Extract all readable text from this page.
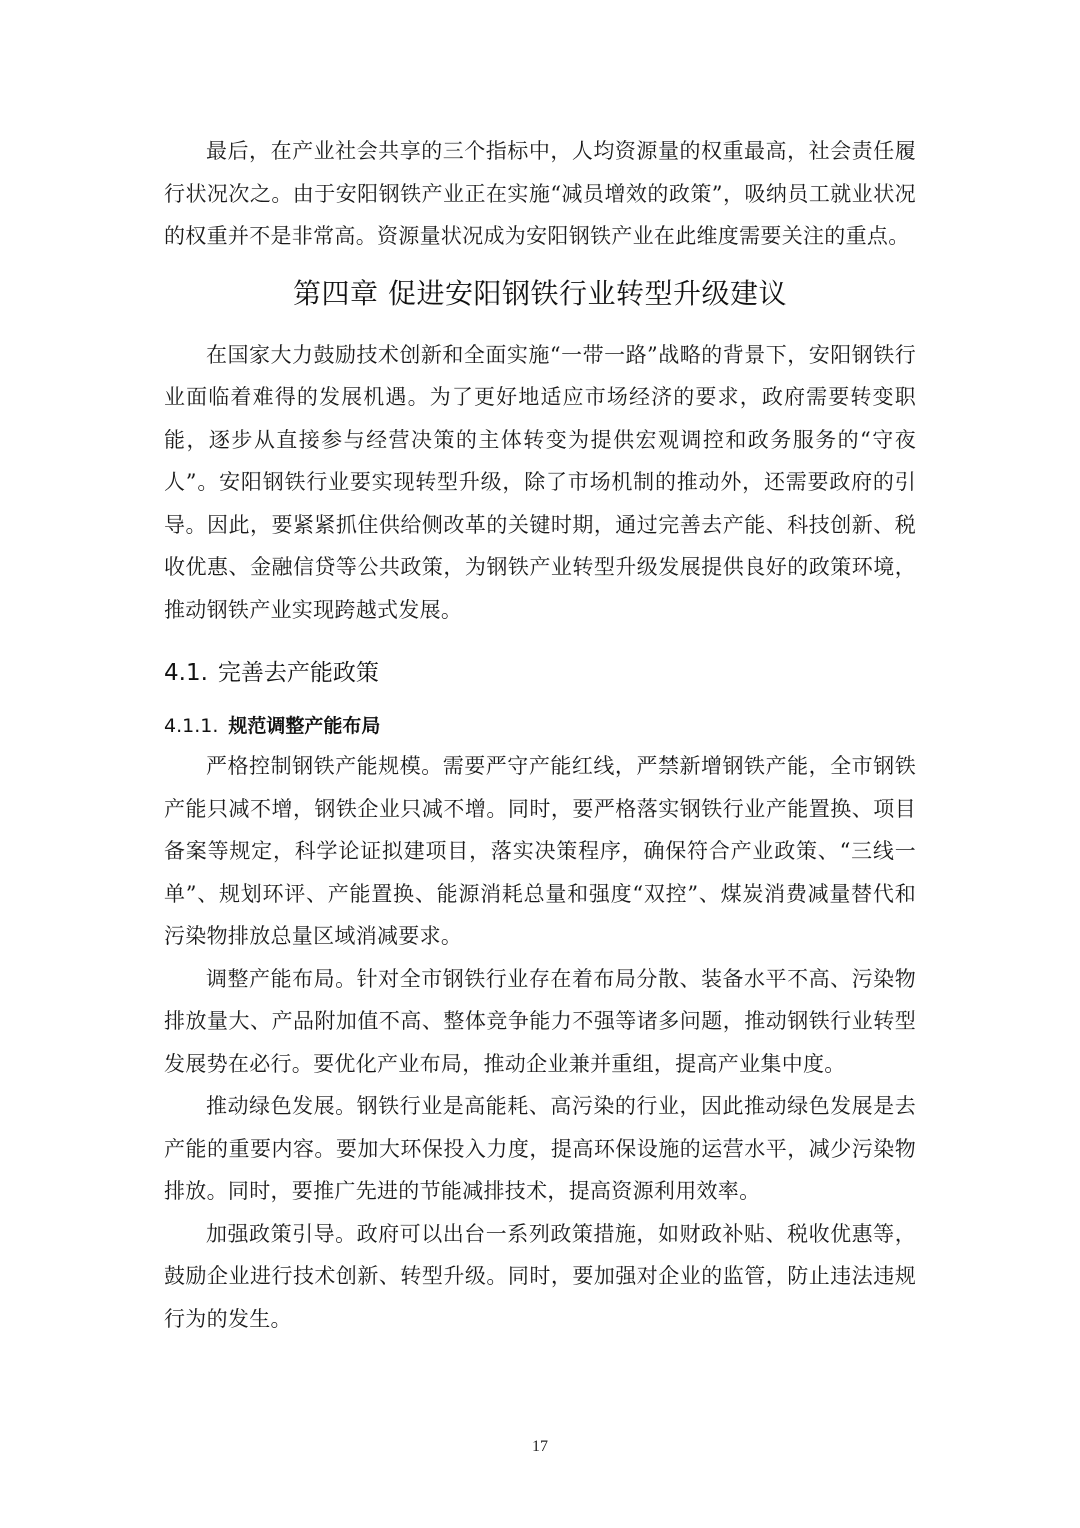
最后，在产业社会共享的三个指标中，人均资源量的权重最高，社会责任履行状况次之。由于安阳钢铁产业正在实施“减员增效的政策”，吸纳员工就业状况的权重并不是非常高。资源量状况成为安阳钢铁产业在此维度需要关注的重点。

第四章 促进安阳钢铁行业转型升级建议

在国家大力鼓励技术创新和全面实施“一带一路”战略的背景下，安阳钢铁行业面临着难得的发展机遇。为了更好地适应市场经济的要求，政府需要转变职能，逐步从直接参与经营决策的主体转变为提供宏观调控和政务服务的“守夜人”。安阳钢铁行业要实现转型升级，除了市场机制的推动外，还需要政府的引导。因此，要紧紧抓住供给侧改革的关键时期，通过完善去产能、科技创新、税收优惠、金融信贷等公共政策，为钢铁产业转型升级发展提供良好的政策环境，推动钢铁产业实现跨越式发展。

4.1. 完善去产能政策
4.1.1. 规范调整产能布局

严格控制钢铁产能规模。需要严守产能红线，严禁新增钢铁产能，全市钢铁产能只减不增，钢铁企业只减不增。同时，要严格落实钢铁行业产能置换、项目备案等规定，科学论证拟建项目，落实决策程序，确保符合产业政策、“三线一单”、规划环评、产能置换、能源消耗总量和强度“双控”、煤炭消费减量替代和污染物排放总量区域消减要求。

调整产能布局。针对全市钢铁行业存在着布局分散、装备水平不高、污染物排放量大、产品附加值不高、整体竞争能力不强等诸多问题，推动钢铁行业转型发展势在必行。要优化产业布局，推动企业兼并重组，提高产业集中度。

推动绿色发展。钢铁行业是高能耗、高污染的行业，因此推动绿色发展是去产能的重要内容。要加大环保投入力度，提高环保设施的运营水平，减少污染物排放。同时，要推广先进的节能减排技术，提高资源利用效率。

加强政策引导。政府可以出台一系列政策措施，如财政补贴、税收优惠等，鼓励企业进行技术创新、转型升级。同时，要加强对企业的监管，防止违法违规行为的发生。

17
